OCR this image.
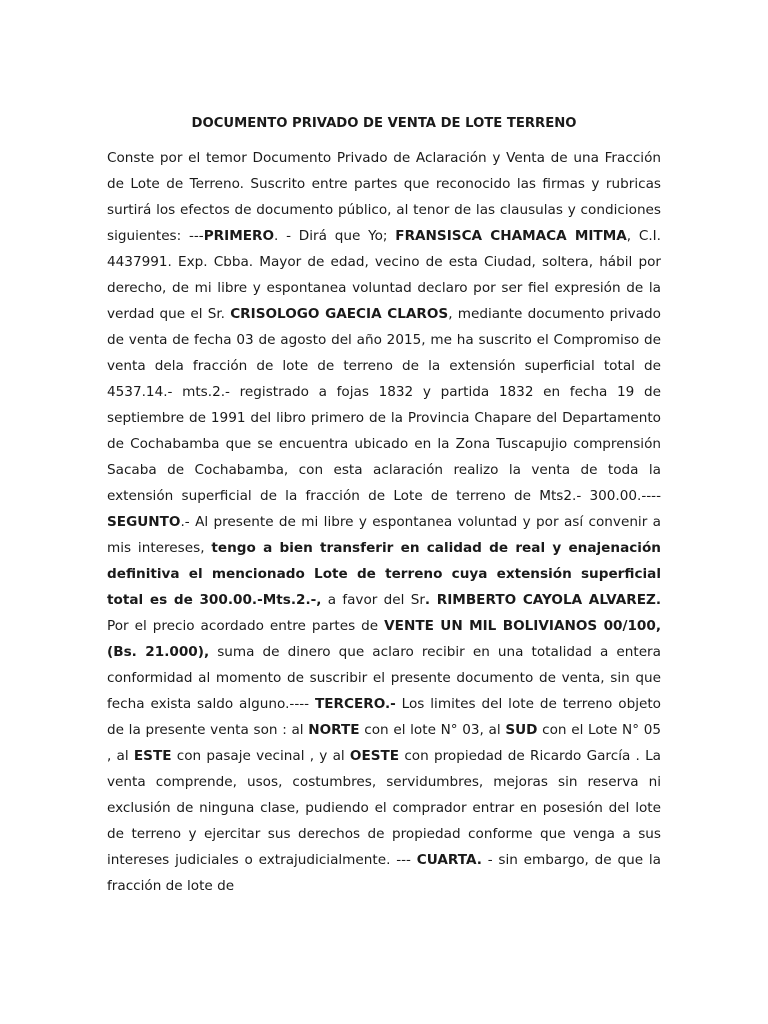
DOCUMENTO PRIVADO DE VENTA DE LOTE TERRENO

Conste por el temor Documento Privado de Aclaración y Venta de una Fracción de Lote de Terreno. Suscrito entre partes que reconocido las firmas y rubricas surtirá los efectos de documento público, al tenor de las clausulas y condiciones siguientes: ---PRIMERO. - Dirá que Yo; FRANSISCA CHAMACA MITMA, C.I. 4437991. Exp. Cbba. Mayor de edad, vecino de esta Ciudad, soltera, hábil por derecho, de mi libre y espontanea voluntad declaro por ser fiel expresión de la verdad que el Sr. CRISOLOGO GAECIA CLAROS, mediante documento privado de venta de fecha 03 de agosto del año 2015, me ha suscrito el Compromiso de venta dela fracción de lote de terreno de la extensión superficial total de 4537.14.- mts.2.- registrado a fojas 1832 y partida 1832 en fecha 19 de septiembre de 1991 del libro primero de la Provincia Chapare del Departamento de Cochabamba que se encuentra ubicado en la Zona Tuscapujio comprensión Sacaba de Cochabamba, con esta aclaración realizo la venta de toda la extensión superficial de la fracción de Lote de terreno de Mts2.- 300.00.---- SEGUNTO.- Al presente de mi libre y espontanea voluntad y por así convenir a mis intereses, tengo a bien transferir en calidad de real y enajenación definitiva el mencionado Lote de terreno cuya extensión superficial total es de 300.00.-Mts.2.-, a favor del Sr. RIMBERTO CAYOLA ALVAREZ. Por el precio acordado entre partes de VENTE UN MIL BOLIVIANOS 00/100, (Bs. 21.000), suma de dinero que aclaro recibir en una totalidad a entera conformidad al momento de suscribir el presente documento de venta, sin que fecha exista saldo alguno.---- TERCERO.- Los limites del lote de terreno objeto de la presente venta son : al NORTE con el lote N° 03, al SUD con el Lote N° 05 , al ESTE con pasaje vecinal , y al OESTE con propiedad de Ricardo García . La venta comprende, usos, costumbres, servidumbres, mejoras sin reserva ni exclusión de ninguna clase, pudiendo el comprador entrar en posesión del lote de terreno y ejercitar sus derechos de propiedad conforme que venga a sus intereses judiciales o extrajudicialmente. --- CUARTA. - sin embargo, de que la fracción de lote de
